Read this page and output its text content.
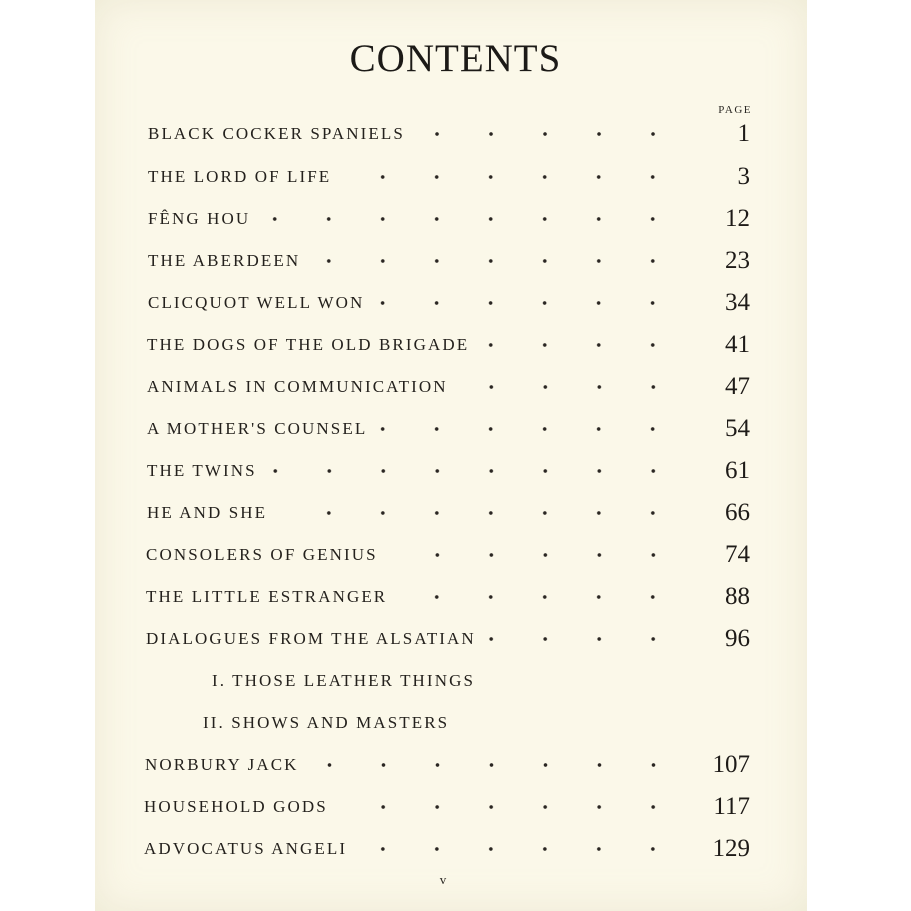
CONTENTS
PAGE
BLACK COCKER SPANIELS	1
THE LORD OF LIFE	3
FÊNG HOU	12
THE ABERDEEN	23
CLICQUOT WELL WON	34
THE DOGS OF THE OLD BRIGADE	41
ANIMALS IN COMMUNICATION	47
A MOTHER'S COUNSEL	54
THE TWINS	61
HE AND SHE	66
CONSOLERS OF GENIUS	74
THE LITTLE ESTRANGER	88
DIALOGUES FROM THE ALSATIAN	96
I. THOSE LEATHER THINGS
II. SHOWS AND MASTERS
NORBURY JACK	107
HOUSEHOLD GODS	117
ADVOCATUS ANGELI	129
v
